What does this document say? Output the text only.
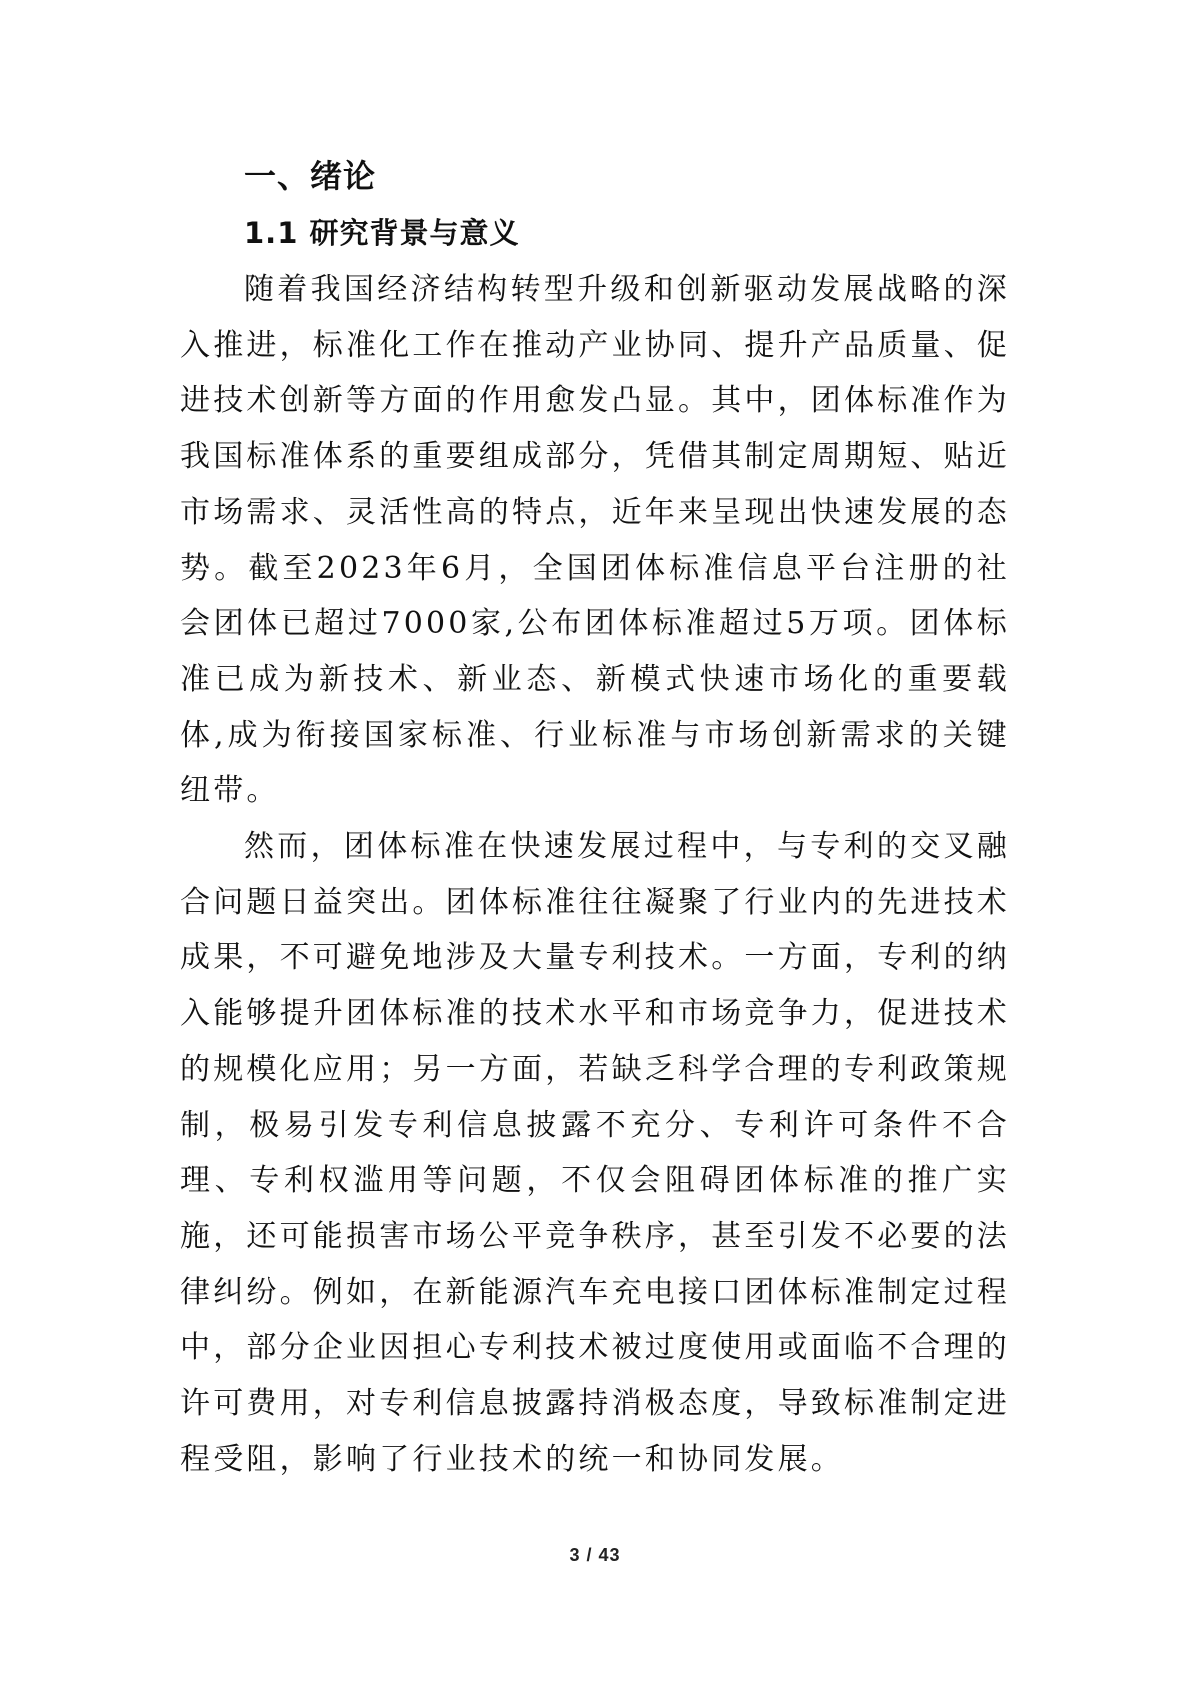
一、绪论
1.1 研究背景与意义

随着我国经济结构转型升级和创新驱动发展战略的深入推进，标准化工作在推动产业协同、提升产品质量、促进技术创新等方面的作用愈发凸显。其中，团体标准作为我国标准体系的重要组成部分，凭借其制定周期短、贴近市场需求、灵活性高的特点，近年来呈现出快速发展的态势。截至2023年6月，全国团体标准信息平台注册的社会团体已超过7000家,公布团体标准超过5万项。团体标准已成为新技术、新业态、新模式快速市场化的重要载体,成为衔接国家标准、行业标准与市场创新需求的关键纽带。

然而，团体标准在快速发展过程中，与专利的交叉融合问题日益突出。团体标准往往凝聚了行业内的先进技术成果，不可避免地涉及大量专利技术。一方面，专利的纳入能够提升团体标准的技术水平和市场竞争力，促进技术的规模化应用；另一方面，若缺乏科学合理的专利政策规制，极易引发专利信息披露不充分、专利许可条件不合理、专利权滥用等问题，不仅会阻碍团体标准的推广实施，还可能损害市场公平竞争秩序，甚至引发不必要的法律纠纷。例如，在新能源汽车充电接口团体标准制定过程中，部分企业因担心专利技术被过度使用或面临不合理的许可费用，对专利信息披露持消极态度，导致标准制定进程受阻，影响了行业技术的统一和协同发展。

3 / 43
